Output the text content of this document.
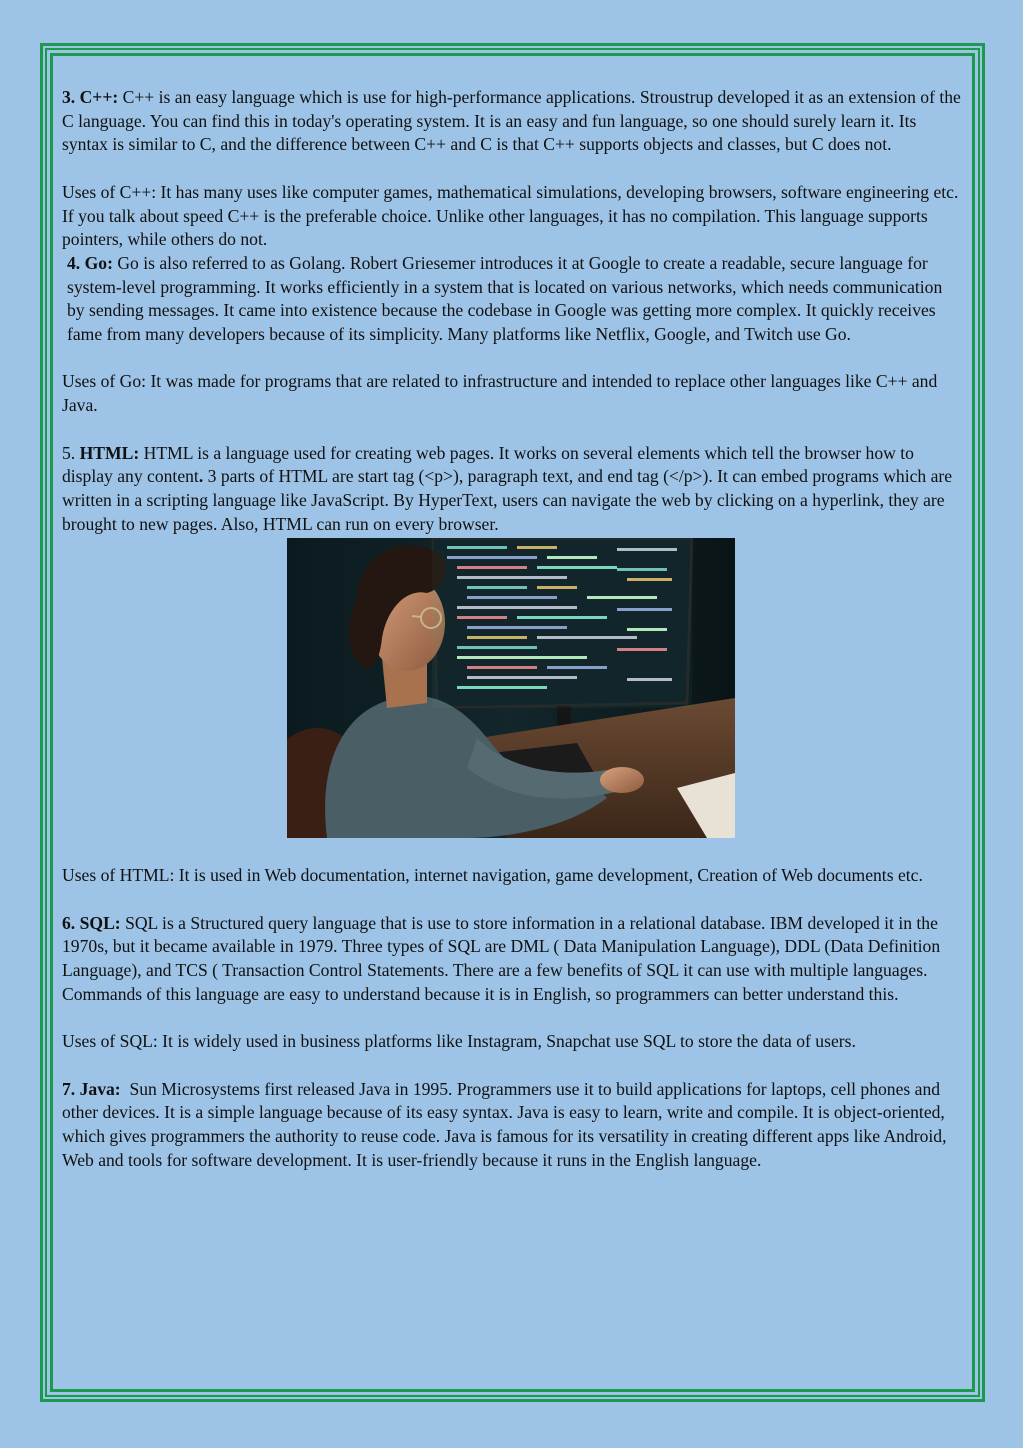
3. C++: C++ is an easy language which is use for high-performance applications. Stroustrup developed it as an extension of the C language. You can find this in today's operating system. It is an easy and fun language, so one should surely learn it. Its syntax is similar to C, and the difference between C++ and C is that C++ supports objects and classes, but C does not.

Uses of C++: It has many uses like computer games, mathematical simulations, developing browsers, software engineering etc. If you talk about speed C++ is the preferable choice. Unlike other languages, it has no compilation. This language supports pointers, while others do not.

4. Go: Go is also referred to as Golang. Robert Griesemer introduces it at Google to create a readable, secure language for system-level programming. It works efficiently in a system that is located on various networks, which needs communication by sending messages. It came into existence because the codebase in Google was getting more complex. It quickly receives fame from many developers because of its simplicity. Many platforms like Netflix, Google, and Twitch use Go.

Uses of Go: It was made for programs that are related to infrastructure and intended to replace other languages like C++ and Java.

5. HTML: HTML is a language used for creating web pages. It works on several elements which tell the browser how to display any content. 3 parts of HTML are start tag (<p>), paragraph text, and end tag (</p>). It can embed programs which are written in a scripting language like JavaScript. By HyperText, users can navigate the web by clicking on a hyperlink, they are brought to new pages. Also, HTML can run on every browser.

Uses of HTML: It is used in Web documentation, internet navigation, game development, Creation of Web documents etc.

6. SQL: SQL is a Structured query language that is use to store information in a relational database. IBM developed it in the 1970s, but it became available in 1979. Three types of SQL are DML ( Data Manipulation Language), DDL (Data Definition Language), and TCS ( Transaction Control Statements. There are a few benefits of SQL it can use with multiple languages. Commands of this language are easy to understand because it is in English, so programmers can better understand this.

Uses of SQL: It is widely used in business platforms like Instagram, Snapchat use SQL to store the data of users.

7. Java:  Sun Microsystems first released Java in 1995. Programmers use it to build applications for laptops, cell phones and other devices. It is a simple language because of its easy syntax. Java is easy to learn, write and compile. It is object-oriented, which gives programmers the authority to reuse code. Java is famous for its versatility in creating different apps like Android, Web and tools for software development. It is user-friendly because it runs in the English language.
